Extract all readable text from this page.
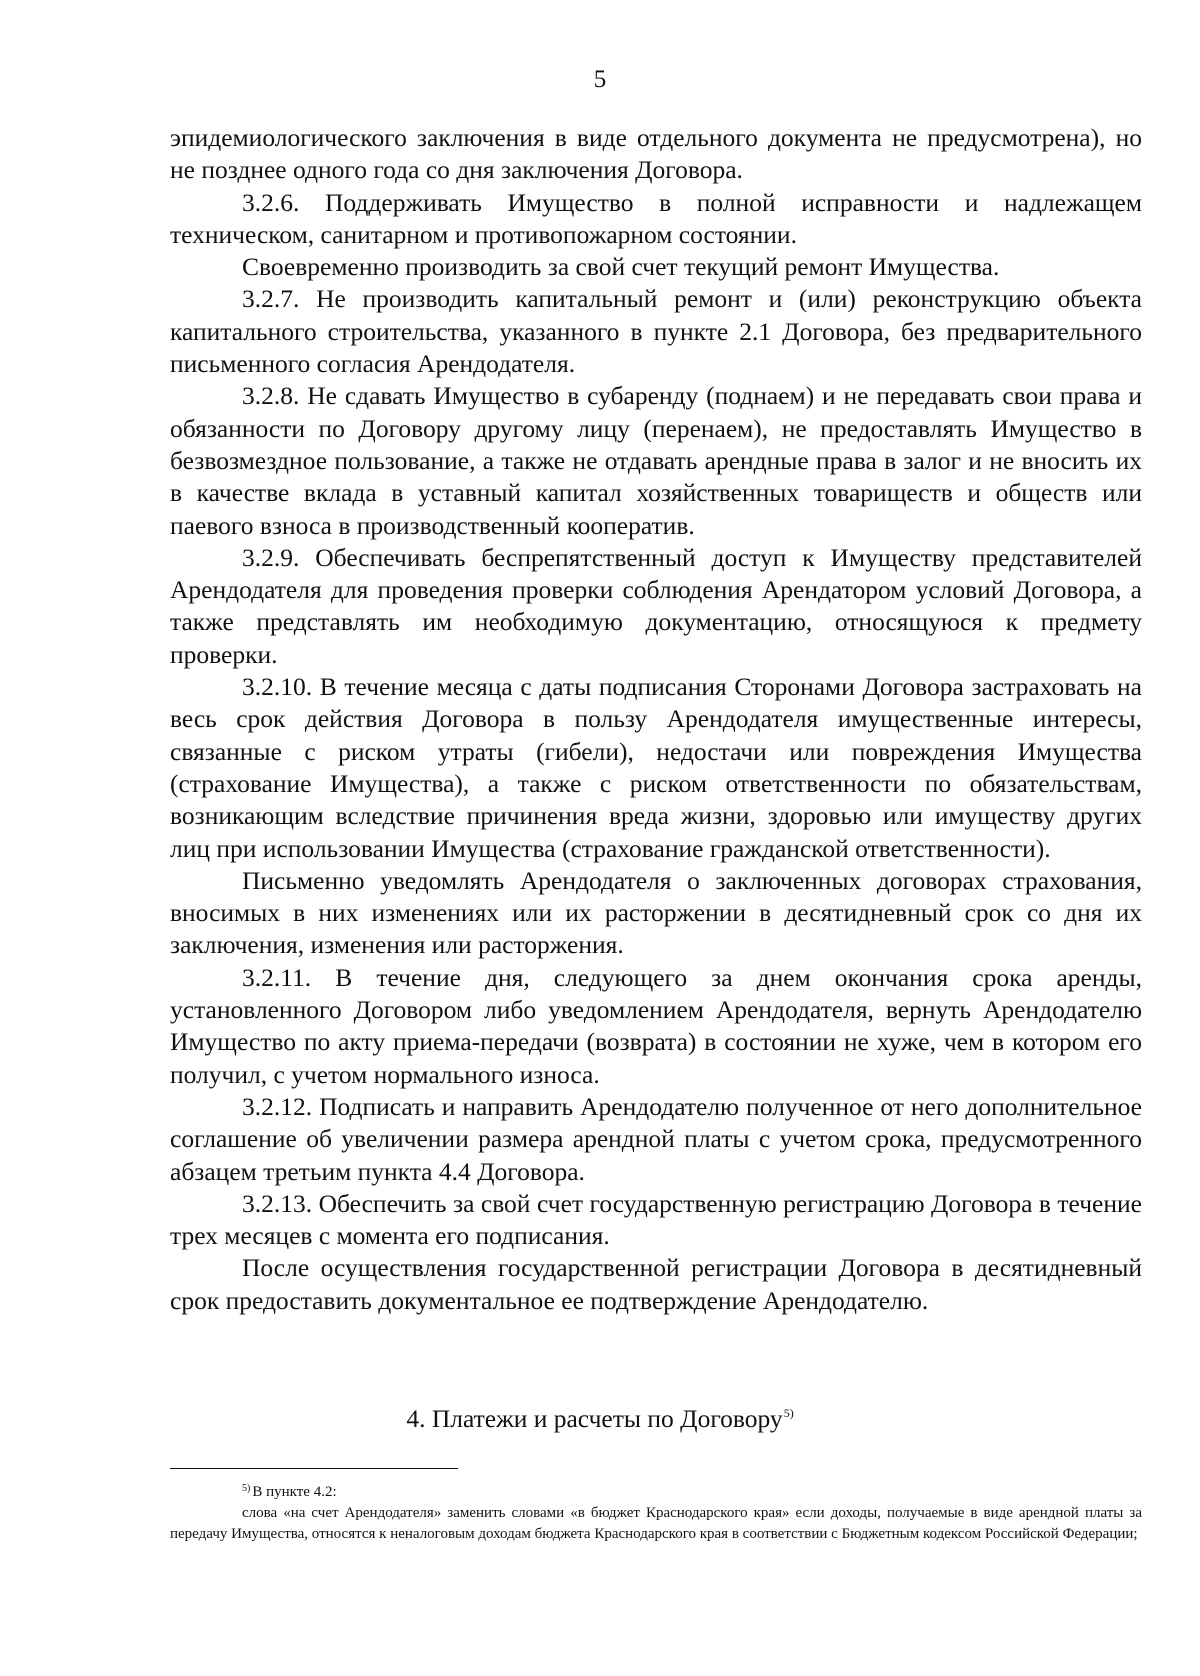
5

эпидемиологического заключения в виде отдельного документа не предусмотрена), но не позднее одного года со дня заключения Договора.

3.2.6. Поддерживать Имущество в полной исправности и надлежащем техническом, санитарном и противопожарном состоянии.

Своевременно производить за свой счет текущий ремонт Имущества.

3.2.7. Не производить капитальный ремонт и (или) реконструкцию объекта капитального строительства, указанного в пункте 2.1 Договора, без предварительного письменного согласия Арендодателя.

3.2.8. Не сдавать Имущество в субаренду (поднаем) и не передавать свои права и обязанности по Договору другому лицу (перенаем), не предоставлять Имущество в безвозмездное пользование, а также не отдавать арендные права в залог и не вносить их в качестве вклада в уставный капитал хозяйственных товариществ и обществ или паевого взноса в производственный кооператив.

3.2.9. Обеспечивать беспрепятственный доступ к Имуществу представителей Арендодателя для проведения проверки соблюдения Арендатором условий Договора, а также представлять им необходимую документацию, относящуюся к предмету проверки.

3.2.10. В течение месяца с даты подписания Сторонами Договора застраховать на весь срок действия Договора в пользу Арендодателя имущественные интересы, связанные с риском утраты (гибели), недостачи или повреждения Имущества (страхование Имущества), а также с риском ответственности по обязательствам, возникающим вследствие причинения вреда жизни, здоровью или имуществу других лиц при использовании Имущества (страхование гражданской ответственности).

Письменно уведомлять Арендодателя о заключенных договорах страхования, вносимых в них изменениях или их расторжении в десятидневный срок со дня их заключения, изменения или расторжения.

3.2.11. В течение дня, следующего за днем окончания срока аренды, установленного Договором либо уведомлением Арендодателя, вернуть Арендодателю Имущество по акту приема-передачи (возврата) в состоянии не хуже, чем в котором его получил, с учетом нормального износа.

3.2.12. Подписать и направить Арендодателю полученное от него дополнительное соглашение об увеличении размера арендной платы с учетом срока, предусмотренного абзацем третьим пункта 4.4 Договора.

3.2.13. Обеспечить за свой счет государственную регистрацию Договора в течение трех месяцев с момента его подписания.

После осуществления государственной регистрации Договора в десятидневный срок предоставить документальное ее подтверждение Арендодателю.

4. Платежи и расчеты по Договору$^{5)}$

$^{5)}$ В пункте 4.2:

слова «на счет Арендодателя» заменить словами «в бюджет Краснодарского края» если доходы, получаемые в виде арендной платы за передачу Имущества, относятся к неналоговым доходам бюджета Краснодарского края в соответствии с Бюджетным кодексом Российской Федерации;
